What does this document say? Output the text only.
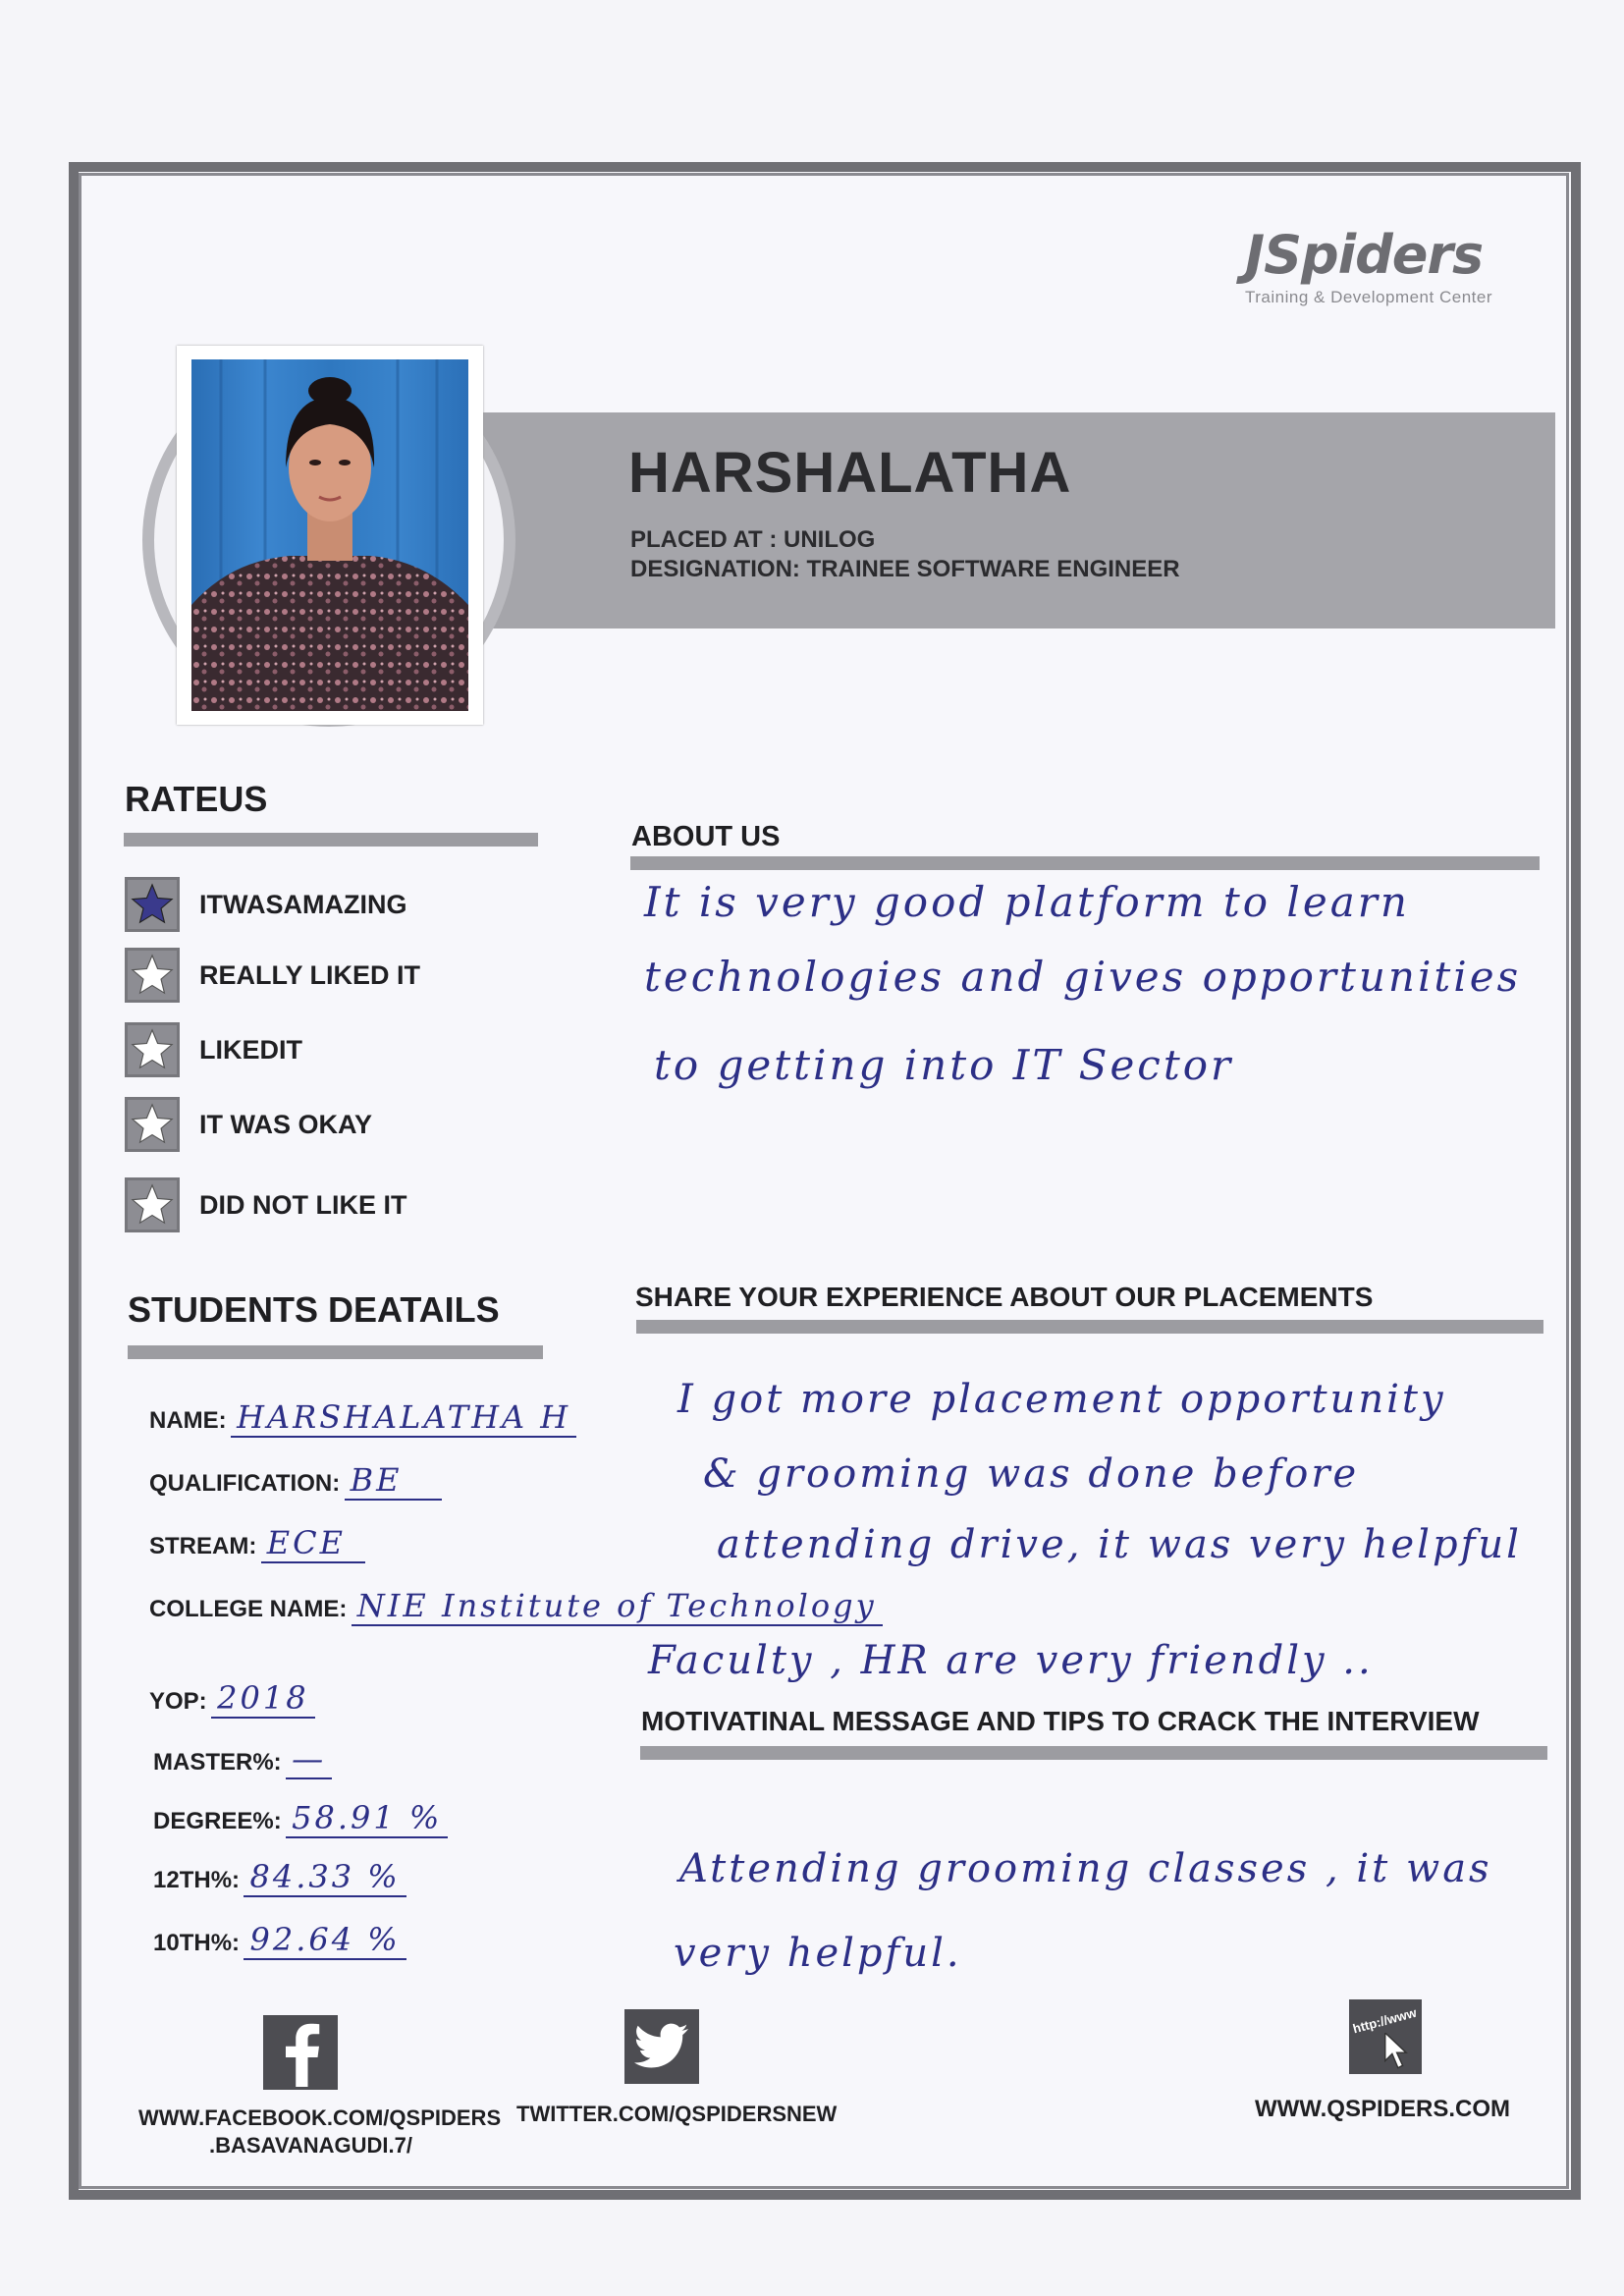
JSpiders
Training & Development Center
HARSHALATHA
PLACED AT : UNILOG
DESIGNATION: TRAINEE SOFTWARE ENGINEER
RATEUS
ITWASAMAZING
REALLY LIKED IT
LIKEDIT
IT WAS OKAY
DID NOT LIKE IT
ABOUT US
It is very good platform to learn
technologies and gives opportunities
to getting into IT Sector
STUDENTS DEATAILS
NAME: HARSHALATHA H
QUALIFICATION: BE
STREAM: ECE
COLLEGE NAME: NIE Institute of Technology
YOP: 2018
MASTER%: —
DEGREE%: 58.91 %
12TH%: 84.33 %
10TH%: 92.64 %
SHARE YOUR EXPERIENCE ABOUT OUR PLACEMENTS
I got more placement opportunity
& grooming was done before
attending drive, it was very helpful
Faculty , HR are very friendly ..
MOTIVATINAL MESSAGE AND TIPS TO CRACK THE INTERVIEW
Attending grooming classes , it was
very helpful.
WWW.FACEBOOK.COM/QSPIDERS
.BASAVANAGUDI.7/
TWITTER.COM/QSPIDERSNEW
http://www
WWW.QSPIDERS.COM
